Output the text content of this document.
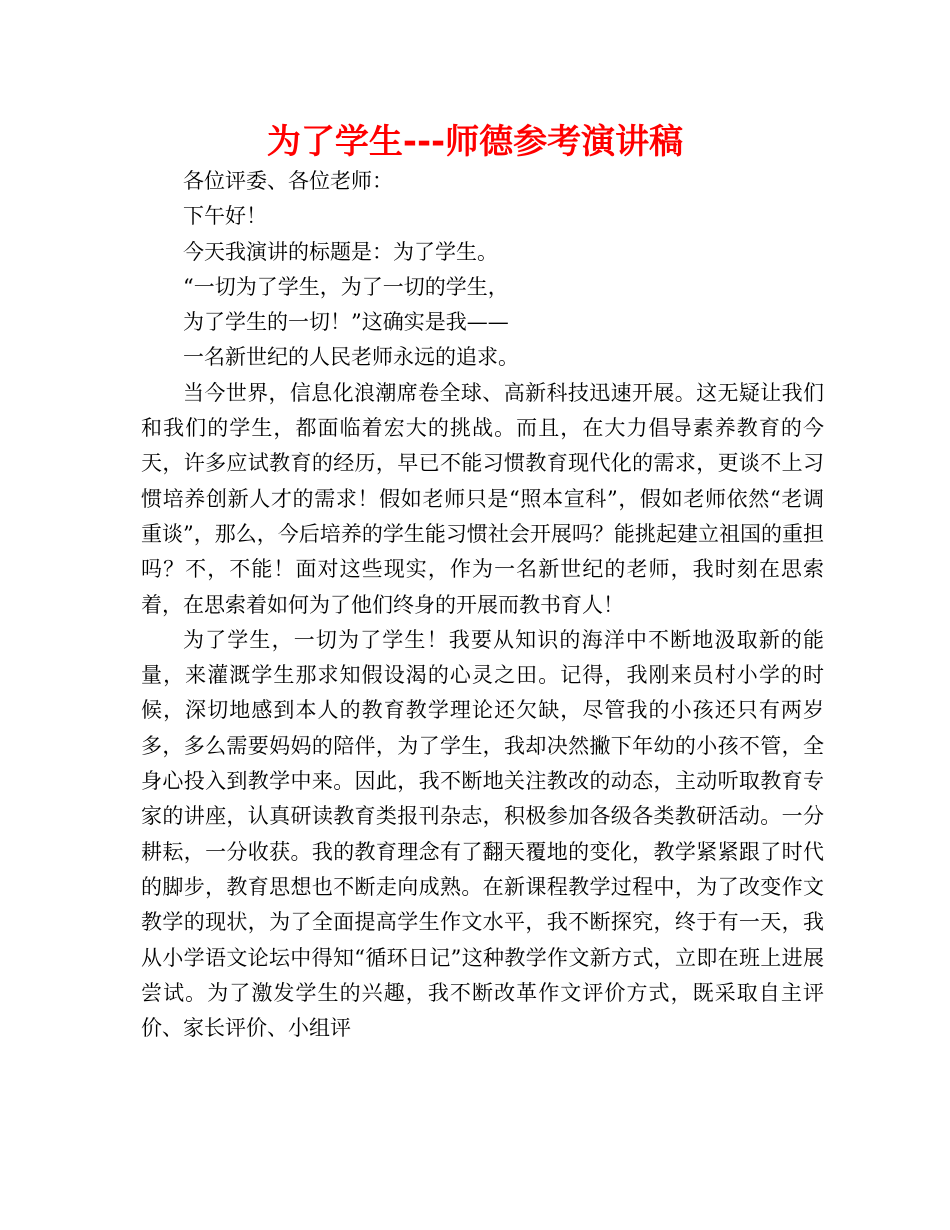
为了学生---师德参考演讲稿

各位评委、各位老师：

下午好！

今天我演讲的标题是：为了学生。

“一切为了学生，为了一切的学生，

为了学生的一切！”这确实是我——

一名新世纪的人民老师永远的追求。

当今世界，信息化浪潮席卷全球、高新科技迅速开展。这无疑让我们和我们的学生，都面临着宏大的挑战。而且，在大力倡导素养教育的今天，许多应试教育的经历，早已不能习惯教育现代化的需求，更谈不上习惯培养创新人才的需求！假如老师只是“照本宣科”，假如老师依然“老调重谈”，那么，今后培养的学生能习惯社会开展吗？能挑起建立祖国的重担吗？不，不能！面对这些现实，作为一名新世纪的老师，我时刻在思索着，在思索着如何为了他们终身的开展而教书育人！

为了学生，一切为了学生！我要从知识的海洋中不断地汲取新的能量，来灌溉学生那求知假设渴的心灵之田。记得，我刚来员村小学的时候，深切地感到本人的教育教学理论还欠缺，尽管我的小孩还只有两岁多，多么需要妈妈的陪伴，为了学生，我却决然撇下年幼的小孩不管，全身心投入到教学中来。因此，我不断地关注教改的动态，主动听取教育专家的讲座，认真研读教育类报刊杂志，积极参加各级各类教研活动。一分耕耘，一分收获。我的教育理念有了翻天覆地的变化，教学紧紧跟了时代的脚步，教育思想也不断走向成熟。在新课程教学过程中，为了改变作文教学的现状，为了全面提高学生作文水平，我不断探究，终于有一天，我从小学语文论坛中得知“循环日记”这种教学作文新方式，立即在班上进展尝试。为了激发学生的兴趣，我不断改革作文评价方式，既采取自主评价、家长评价、小组评
